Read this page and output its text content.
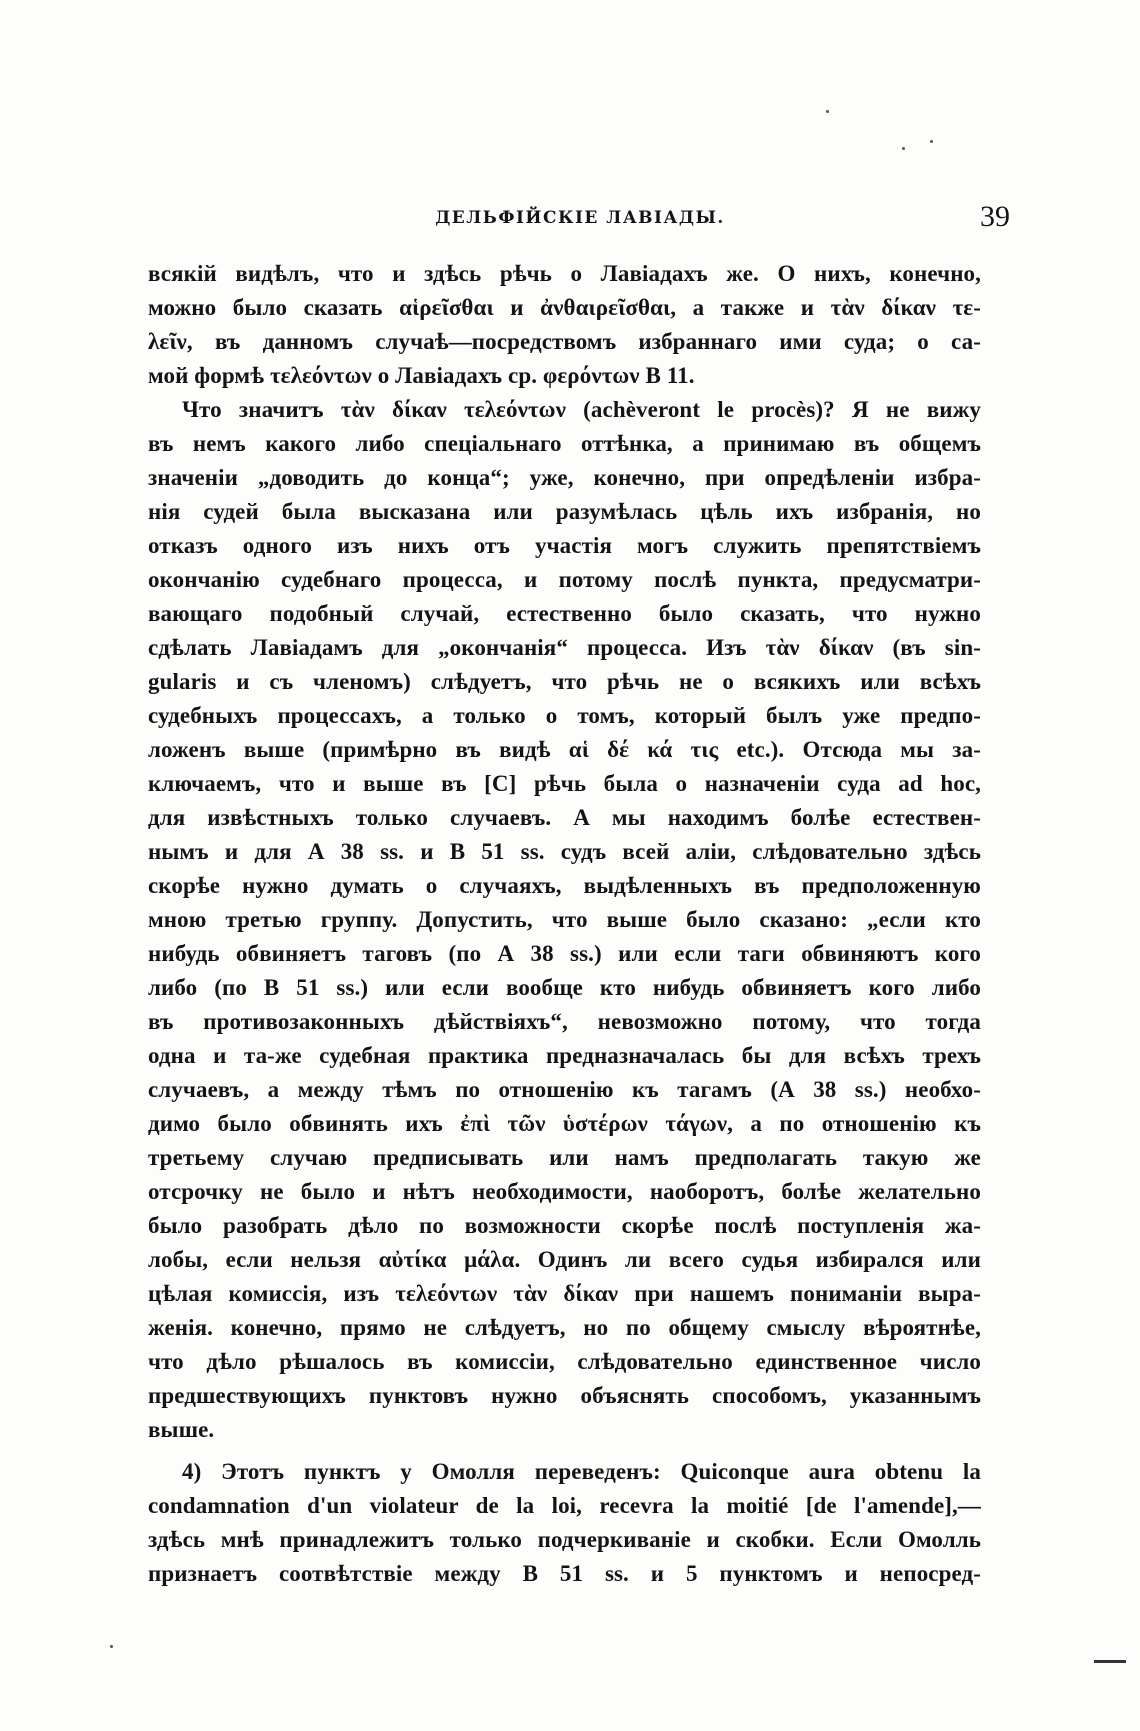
ДЕЛЬФІЙСКІЕ ЛАВІАДЫ.	39
всякій видѣлъ, что и здѣсь рѣчь о Лавіадахъ же. О нихъ, конечно,
можно было сказать αἱρεῖσθαι и ἀνθαιρεῖσθαι, а также и τὰν δίκαν τε-
λεῖν, въ данномъ случаѣ—посредствомъ избраннаго ими суда; о са-
мой формѣ τελεόντων о Лавіадахъ ср. φερόντων В 11.
Что значитъ τὰν δίκαν τελεόντων (achèveront le procès)? Я не вижу
въ немъ какого либо спеціальнаго оттѣнка, а принимаю въ общемъ
значеніи „доводить до конца“; уже, конечно, при опредѣленіи избра-
нія судей была высказана или разумѣлась цѣль ихъ избранія, но
отказъ одного изъ нихъ отъ участія могъ служить препятствіемъ
окончанію судебнаго процесса, и потому послѣ пункта, предусматри-
вающаго подобный случай, естественно было сказать, что нужно
сдѣлать Лавіадамъ для „окончанія“ процесса. Изъ τὰν δίκαν (въ sin-
gularis и съ членомъ) слѣдуетъ, что рѣчь не о всякихъ или всѣхъ
судебныхъ процессахъ, а только о томъ, который былъ уже предпо-
ложенъ выше (примѣрно въ видѣ αἱ δέ κά τις etc.). Отсюда мы за-
ключаемъ, что и выше въ [C] рѣчь была о назначеніи суда ad hoc,
для извѣстныхъ только случаевъ. А мы находимъ болѣе естествен-
нымъ и для А 38 ss. и В 51 ss. судъ всей аліи, слѣдовательно здѣсь
скорѣе нужно думать о случаяхъ, выдѣленныхъ въ предположенную
мною третью группу. Допустить, что выше было сказано: „если кто
нибудь обвиняетъ таговъ (по А 38 ss.) или если таги обвиняютъ кого
либо (по В 51 ss.) или если вообще кто нибудь обвиняетъ кого либо
въ противозаконныхъ дѣйствіяхъ“, невозможно потому, что тогда
одна и та-же судебная практика предназначалась бы для всѣхъ трехъ
случаевъ, а между тѣмъ по отношенію къ тагамъ (А 38 ss.) необхо-
димо было обвинять ихъ ἐπὶ τῶν ὑστέρων τάγων, а по отношенію къ
третьему случаю предписывать или намъ предполагать такую же
отсрочку не было и нѣтъ необходимости, наоборотъ, болѣе желательно
было разобрать дѣло по возможности скорѣе послѣ поступленія жа-
лобы, если нельзя αὐτίκα μάλα. Одинъ ли всего судья избирался или
цѣлая комиссія, изъ τελεόντων τὰν δίκαν при нашемъ пониманіи выра-
женія. конечно, прямо не слѣдуетъ, но по общему смыслу вѣроятнѣе,
что дѣло рѣшалось въ комиссіи, слѣдовательно единственное число
предшествующихъ пунктовъ нужно объяснять способомъ, указаннымъ
выше.
4) Этотъ пунктъ у Омолля переведенъ: Quiconque aura obtenu la
condamnation d'un violateur de la loi, recevra la moitié [de l'amende],—
здѣсь мнѣ принадлежитъ только подчеркиваніе и скобки. Если Омолль
признаетъ соотвѣтствіе между В 51 ss. и 5 пунктомъ и непосред-
